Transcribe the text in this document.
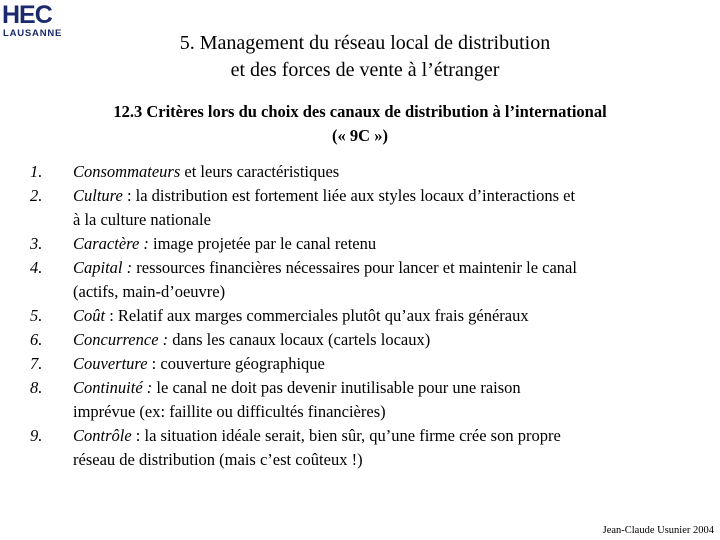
HEC
LAUSANNE	5. Management du réseau local de distribution
et des forces de vente à l’étranger
12.3 Critères lors du choix des canaux de distribution à l’international
(« 9C »)
1. Consommateurs et leurs caractéristiques
2. Culture : la distribution est fortement liée aux styles locaux d’interactions et
à la culture nationale
3. Caractère : image projetée par le canal retenu
4. Capital : ressources financières nécessaires pour lancer et maintenir le canal
(actifs, main-d’oeuvre)
5. Coût : Relatif aux marges commerciales plutôt qu’aux frais généraux
6. Concurrence : dans les canaux locaux (cartels locaux)
7. Couverture : couverture géographique
8. Continuité : le canal ne doit pas devenir inutilisable pour une raison
imprévue (ex: faillite ou difficultés financières)
9. Contrôle : la situation idéale serait, bien sûr, qu’une firme crée son propre
réseau de distribution (mais c’est coûteux !)
Jean-Claude Usunier 2004
